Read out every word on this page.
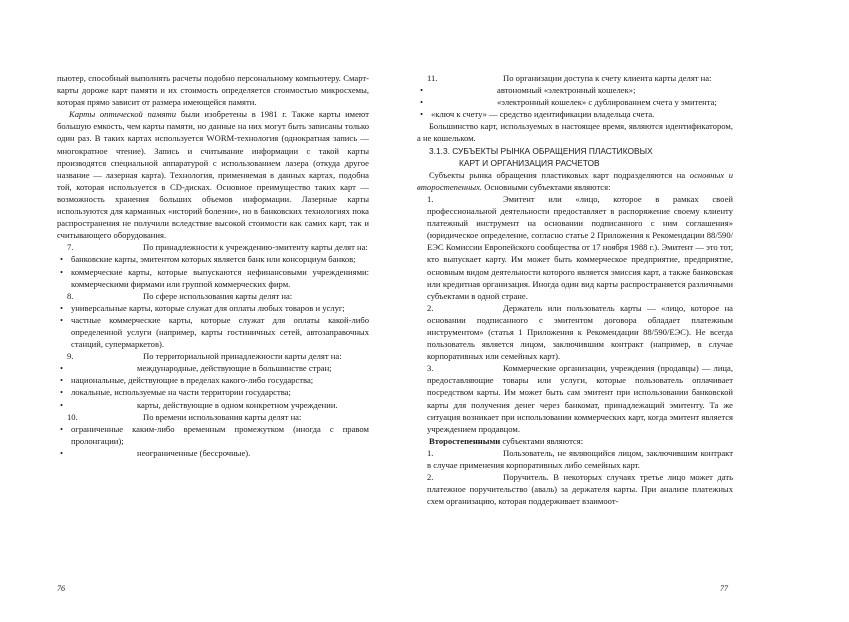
пьютер, способный выполнять расчеты подобно персональному компьютеру. Смарт-карты дороже карт памяти и их стоимость определяется стоимостью микросхемы, которая прямо зависит от размера имеющейся памяти.

Карты оптической памяти были изобретены в 1981 г. Также карты имеют большую емкость, чем карты памяти, но данные на них могут быть записаны только один раз. В таких картах используется WORM-технология (однократная запись — многократное чтение). Запись и считывание информации с такой карты производятся специальной аппаратурой с использованием лазера (откуда другое название — лазерная карта). Технология, применяемая в данных картах, подобна той, которая используется в CD-дисках. Основное преимущество таких карт — возможность хранения больших объемов информации. Лазерные карты используются для карманных «историй болезни», но в банковских технологиях пока распространения не получили вследствие высокой стоимости как самих карт, так и считывающего оборудования.

7.	По принадлежности к учреждению-эмитенту карты делят на:

• банковские карты, эмитентом которых является банк или консорциум банков;

• коммерческие карты, которые выпускаются нефинансовыми учреждениями: коммерческими фирмами или группой коммерческих фирм.

8.	По сфере использования карты делят на:

• универсальные карты, которые служат для оплаты любых товаров и услуг;

• частные коммерческие карты, которые служат для оплаты какой-либо определенной услуги (например, карты гостиничных сетей, автозаправочных станций, супермаркетов).

9.	По территориальной принадлежности карты делят на:

• международные, действующие в большинстве стран;

• национальные, действующие в пределах какого-либо государства;

• локальные, используемые на части территории государства;

• карты, действующие в одном конкретном учреждении.

10.	По времени использования карты делят на:

• ограниченные каким-либо временным промежутком (иногда с правом пролонгации);

• неограниченные (бессрочные).

11.	По организации доступа к счету клиента карты делят на:

• автономный «электронный кошелек»;

• «электронный кошелек» с дублированием счета у эмитента;

• «ключ к счету» — средство идентификации владельца счета.

Большинство карт, используемых в настоящее время, являются идентификатором, а не кошельком.

3.1.3. СУБЪЕКТЫ РЫНКА ОБРАЩЕНИЯ ПЛАСТИКОВЫХ

КАРТ И ОРГАНИЗАЦИЯ РАСЧЕТОВ

Субъекты рынка обращения пластиковых карт подразделяются на основных и второстепенных. Основными субъектами являются:

1.	Эмитент или «лицо, которое в рамках своей профессиональной деятельности предоставляет в распоряжение своему клиенту платежный инструмент на основании подписанного с ним соглашения» (юридическое определение, согласно статье 2 Приложения к Рекомендации 88/590/ЕЭС Комиссии Европейского сообщества от 17 ноября 1988 г.). Эмитент — это тот, кто выпускает карту. Им может быть коммерческое предприятие, предприятие, основным видом деятельности которого является эмиссия карт, а также банковская или кредитная организация. Иногда один вид карты распространяется различными субъектами в одной стране.

2.	Держатель или пользователь карты — «лицо, которое на основании подписанного с эмитентом договора обладает платежным инструментом» (статья 1 Приложения к Рекомендации 88/590/ЕЭС). Не всегда пользователь является лицом, заключившим контракт (например, в случае корпоративных или семейных карт).

3.	Коммерческие организации, учреждения (продавцы) — лица, предоставляющие товары или услуги, которые пользователь оплачивает посредством карты. Им может быть сам эмитент при использовании банковской карты для получения денег через банкомат, принадлежащий эмитенту. Та же ситуация возникает при использовании коммерческих карт, когда эмитент является учреждением продавцом.

Второстепенными субъектами являются:

1.	Пользователь, не являющийся лицом, заключившим контракт в случае применения корпоративных либо семейных карт.

2.	Поручитель. В некоторых случаях третье лицо может дать платежное поручительство (аваль) за держателя карты. При анализе платежных схем организацию, которая поддерживает взаимоот-

76	77
